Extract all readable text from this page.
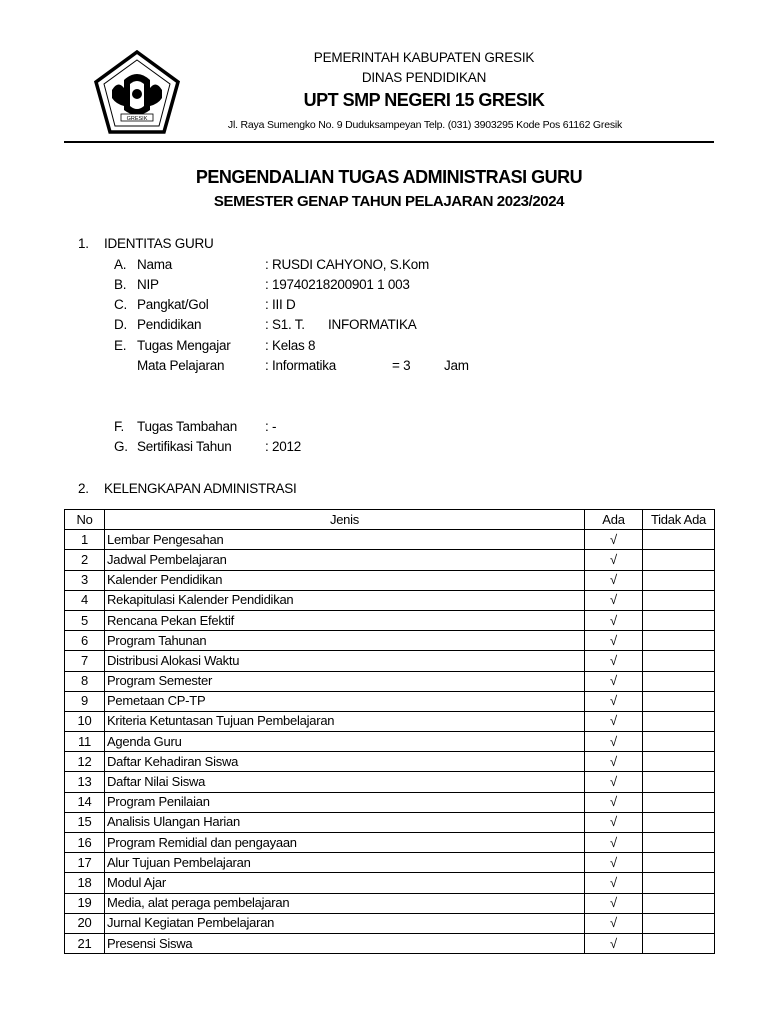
GRESIK
PEMERINTAH KABUPATEN GRESIK
DINAS PENDIDIKAN
UPT SMP NEGERI 15 GRESIK
Jl. Raya Sumengko No. 9 Duduksampeyan Telp. (031) 3903295 Kode Pos 61162 Gresik
PENGENDALIAN TUGAS ADMINISTRASI GURU
SEMESTER GENAP TAHUN PELAJARAN 2023/2024
1. IDENTITAS GURU
A. Nama	: RUSDI CAHYONO, S.Kom
B. NIP	: 19740218200901 1 003
C. Pangkat/Gol	: III D
D. Pendidikan	: S1. T. INFORMATIKA
E. Tugas Mengajar	: Kelas 8
Mata Pelajaran	: Informatika	= 3 Jam
F. Tugas Tambahan : -
G. Sertifikasi Tahun : 2012
2. KELENGKAPAN ADMINISTRASI
No	Jenis	Ada	Tidak Ada
1	Lembar Pengesahan	√	
2	Jadwal Pembelajaran	√	
3	Kalender Pendidikan	√	
4	Rekapitulasi Kalender Pendidikan	√	
5	Rencana Pekan Efektif	√	
6	Program Tahunan	√	
7	Distribusi Alokasi Waktu	√	
8	Program Semester	√	
9	Pemetaan CP-TP	√	
10	Kriteria Ketuntasan Tujuan Pembelajaran	√	
11	Agenda Guru	√	
12	Daftar Kehadiran Siswa	√	
13	Daftar Nilai Siswa	√	
14	Program Penilaian	√	
15	Analisis Ulangan Harian	√	
16	Program Remidial dan pengayaan	√	
17	Alur Tujuan Pembelajaran	√	
18	Modul Ajar	√	
19	Media, alat peraga pembelajaran	√	
20	Jurnal Kegiatan Pembelajaran	√	
21	Presensi Siswa	√	
